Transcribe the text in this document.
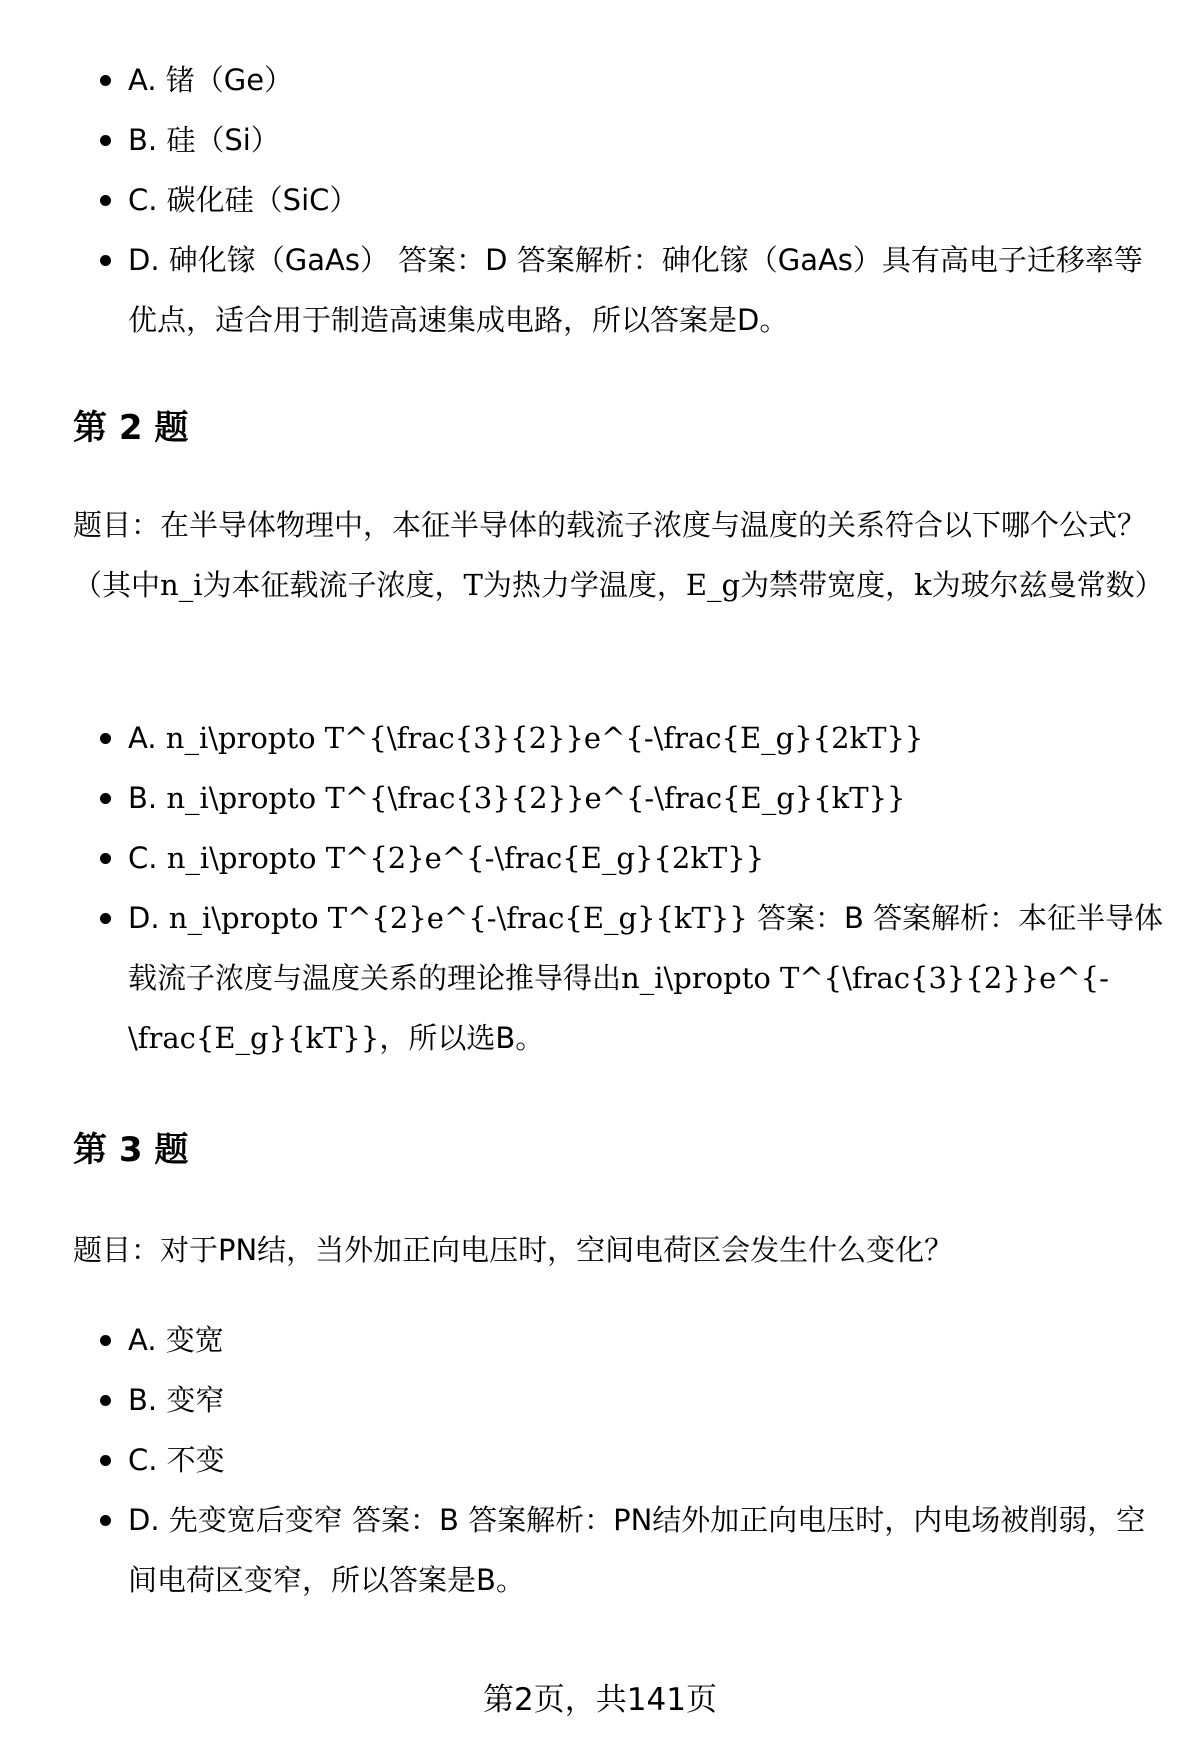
A. 锗（Ge）
B. 硅（Si）
C. 碳化硅（SiC）
D. 砷化镓（GaAs） 答案：D 答案解析：砷化镓（GaAs）具有高电子迁移率等优点，适合用于制造高速集成电路，所以答案是D。
第 2 题

题目：在半导体物理中，本征半导体的载流子浓度与温度的关系符合以下哪个公式？（其中n_i为本征载流子浓度，T为热力学温度，E_g为禁带宽度，k为玻尔兹曼常数）

A. n_i\propto T^{\frac{3}{2}}e^{-\frac{E_g}{2kT}}
B. n_i\propto T^{\frac{3}{2}}e^{-\frac{E_g}{kT}}
C. n_i\propto T^{2}e^{-\frac{E_g}{2kT}}
D. n_i\propto T^{2}e^{-\frac{E_g}{kT}} 答案：B 答案解析：本征半导体载流子浓度与温度关系的理论推导得出n_i\propto T^{\frac{3}{2}}e^{-\frac{E_g}{kT}}，所以选B。
第 3 题

题目：对于PN结，当外加正向电压时，空间电荷区会发生什么变化？

A. 变宽
B. 变窄
C. 不变
D. 先变宽后变窄 答案：B 答案解析：PN结外加正向电压时，内电场被削弱，空间电荷区变窄，所以答案是B。
第2页，共141页
